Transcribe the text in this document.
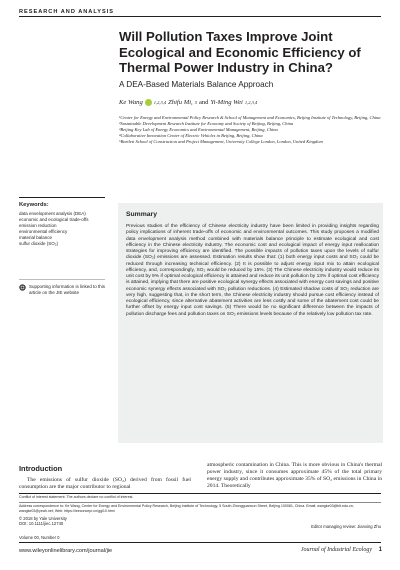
RESEARCH AND ANALYSIS
Will Pollution Taxes Improve Joint Ecological and Economic Efficiency of Thermal Power Industry in China?
A DEA-Based Materials Balance Approach
Ke Wang 1,2,3,4 Zhifu Mi, 5 and Yi-Ming Wei 1,2,3,4

¹Center for Energy and Environmental Policy Research & School of Management and Economics, Beijing Institute of Technology, Beijing, China

²Sustainable Development Research Institute for Economy and Society of Beijing, Beijing, China

³Beijing Key Lab of Energy Economics and Environmental Management, Beijing, China

⁴Collaborative Innovation Center of Electric Vehicles in Beijing, Beijing, China

⁵Bartlett School of Construction and Project Management, University College London, London, United Kingdom

Keywords:

data envelopment analysis (DEA)

economic and ecological trade-offs

emission reduction

environmental efficiency

material balance

sulfur dioxide (SO₂)

Supporting information is linked to this article on the JIE website
Summary

Previous studies of the efficiency of Chinese electricity industry have been limited in providing insights regarding policy implications of inherent trade-offs of economic and environmental outcomes. This study proposes a modified data envelopment analysis method combined with materials balance principle to estimate ecological and cost efficiency in the Chinese electricity industry. The economic cost and ecological impact of energy input reallocation strategies for improving efficiency are identified. The possible impacts of pollution taxes upon the levels of sulfur dioxide (SO₂) emissions are assessed. Estimation results show that: (1) both energy input costs and SO₂ could be reduced through increasing technical efficiency. (2) It is possible to adjust energy input mix to attain ecological efficiency, and, correspondingly, SO₂ would be reduced by 15%. (3) The Chinese electricity industry would reduce its unit cost by 9% if optimal ecological efficiency is attained and reduce its unit pollution by 13% if optimal cost efficiency is attained, implying that there are positive ecological synergy effects associated with energy cost savings and positive economic synergy effects associated with SO₂ pollution reductions. (4) Estimated shadow costs of SO₂ reduction are very high, suggesting that, in the short term, the Chinese electricity industry should pursue cost efficiency instead of ecological efficiency, since alternative abatement activities are less costly and some of the abatement cost could be further offset by energy input cost savings. (5) There would be no significant difference between the impacts of pollution discharge fees and pollution taxes on SO₂ emissions levels because of the relatively low pollution tax rate.

Introduction

The emissions of sulfur dioxide (SO₂) derived from fossil fuel consumption are the major contributor to regional

atmospheric contamination in China. This is more obvious in China's thermal power industry, since it consumes approximate 45% of the total primary energy supply and contributes approximate 35% of SO₂ emissions in China in 2014. Theoretically

Conflict of interest statement: The authors declare no conflict of interest.
Address correspondence to: Ke Wang, Center for Energy and Environmental Policy Research, Beijing Institute of Technology, 5 South Zhongguancun Street, Beijing 100081, China. Email: wangke03@bit.edu.cn, wangke03@yeah.net; Web: https://ieeconcepr.cn/ggl10.html
© 2018 by Yale University
DOI: 10.1111/jiec.12740
Editor managing review: Jianxing Zhu
Volume 00, Number 0
www.wileyonlinelibrary.com/journal/jie	Journal of Industrial Ecology	1
